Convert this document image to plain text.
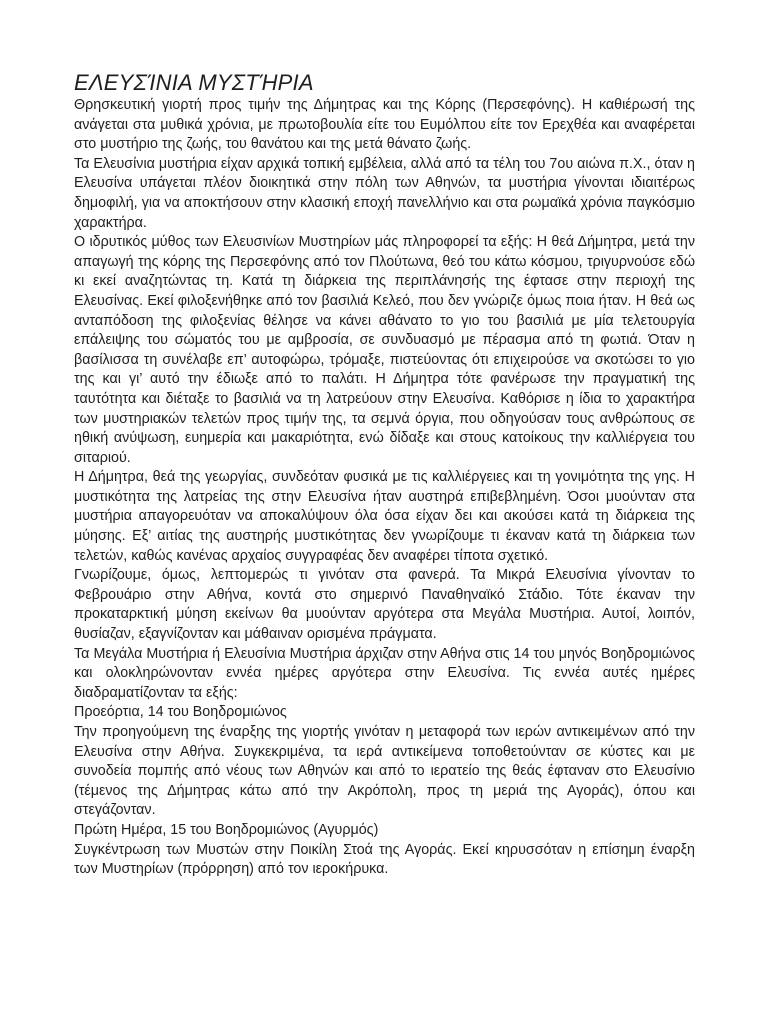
ΕΛΕΥΣΊΝΙΑ ΜΥΣΤΉΡΙΑ

Θρησκευτική γιορτή προς τιμήν της Δήμητρας και της Κόρης (Περσεφόνης). Η καθιέρωσή της ανάγεται στα μυθικά χρόνια, με πρωτοβουλία είτε του Ευμόλπου είτε τον Ερεχθέα και αναφέρεται στο μυστήριο της ζωής, του θανάτου και της μετά θάνατο ζωής.

Τα Ελευσίνια μυστήρια είχαν αρχικά τοπική εμβέλεια, αλλά από τα τέλη του 7ου αιώνα π.Χ., όταν η Ελευσίνα υπάγεται πλέον διοικητικά στην πόλη των Αθηνών, τα μυστήρια γίνονται ιδιαιτέρως δημοφιλή, για να αποκτήσουν στην κλασική εποχή πανελλήνιο και στα ρωμαϊκά χρόνια παγκόσμιο χαρακτήρα.

Ο ιδρυτικός μύθος των Ελευσινίων Μυστηρίων μάς πληροφορεί τα εξής: Η θεά Δήμητρα, μετά την απαγωγή της κόρης της Περσεφόνης από τον Πλούτωνα, θεό του κάτω κόσμου, τριγυρνούσε εδώ κι εκεί αναζητώντας τη. Κατά τη διάρκεια της περιπλάνησής της έφτασε στην περιοχή της Ελευσίνας. Εκεί φιλοξενήθηκε από τον βασιλιά Κελεό, που δεν γνώριζε όμως ποια ήταν. Η θεά ως ανταπόδοση της φιλοξενίας θέλησε να κάνει αθάνατο το γιο του βασιλιά με μία τελετουργία επάλειψης του σώματός του με αμβροσία, σε συνδυασμό με πέρασμα από τη φωτιά. Όταν η βασίλισσα τη συνέλαβε επ’ αυτοφώρω, τρόμαξε, πιστεύοντας ότι επιχειρούσε να σκοτώσει το γιο της και γι’ αυτό την έδιωξε από το παλάτι. Η Δήμητρα τότε φανέρωσε την πραγματική της ταυτότητα και διέταξε το βασιλιά να τη λατρεύουν στην Ελευσίνα. Καθόρισε η ίδια το χαρακτήρα των μυστηριακών τελετών προς τιμήν της, τα σεμνά όργια, που οδηγούσαν τους ανθρώπους σε ηθική ανύψωση, ευημερία και μακαριότητα, ενώ δίδαξε και στους κατοίκους την καλλιέργεια του σιταριού.

Η Δήμητρα, θεά της γεωργίας, συνδεόταν φυσικά με τις καλλιέργειες και τη γονιμότητα της γης. Η μυστικότητα της λατρείας της στην Ελευσίνα ήταν αυστηρά επιβεβλημένη. Όσοι μυούνταν στα μυστήρια απαγορευόταν να αποκαλύψουν όλα όσα είχαν δει και ακούσει κατά τη διάρκεια της μύησης. Εξ’ αιτίας της αυστηρής μυστικότητας δεν γνωρίζουμε τι έκαναν κατά τη διάρκεια των τελετών, καθώς κανένας αρχαίος συγγραφέας δεν αναφέρει τίποτα σχετικό.

Γνωρίζουμε, όμως, λεπτομερώς τι γινόταν στα φανερά. Τα Μικρά Ελευσίνια γίνονταν το Φεβρουάριο στην Αθήνα, κοντά στο σημερινό Παναθηναϊκό Στάδιο. Τότε έκαναν την προκαταρκτική μύηση εκείνων θα μυούνταν αργότερα στα Μεγάλα Μυστήρια. Αυτοί, λοιπόν, θυσίαζαν, εξαγνίζονταν και μάθαιναν ορισμένα πράγματα.

Τα Μεγάλα Μυστήρια ή Ελευσίνια Μυστήρια άρχιζαν στην Αθήνα στις 14 του μηνός Βοηδρομιώνος και ολοκληρώνονταν εννέα ημέρες αργότερα στην Ελευσίνα. Τις εννέα αυτές ημέρες διαδραματίζονταν τα εξής:

Προεόρτια, 14 του Βοηδρομιώνος

Την προηγούμενη της έναρξης της γιορτής γινόταν η μεταφορά των ιερών αντικειμένων από την Ελευσίνα στην Αθήνα. Συγκεκριμένα, τα ιερά αντικείμενα τοποθετούνταν σε κύστες και με συνοδεία πομπής από νέους των Αθηνών και από το ιερατείο της θεάς έφταναν στο Ελευσίνιο (τέμενος της Δήμητρας κάτω από την Ακρόπολη, προς τη μεριά της Αγοράς), όπου και στεγάζονταν.

Πρώτη Ημέρα, 15 του Βοηδρομιώνος (Αγυρμός)

Συγκέντρωση των Μυστών στην Ποικίλη Στοά της Αγοράς. Εκεί κηρυσσόταν η επίσημη έναρξη των Μυστηρίων (πρόρρηση) από τον ιεροκήρυκα.
